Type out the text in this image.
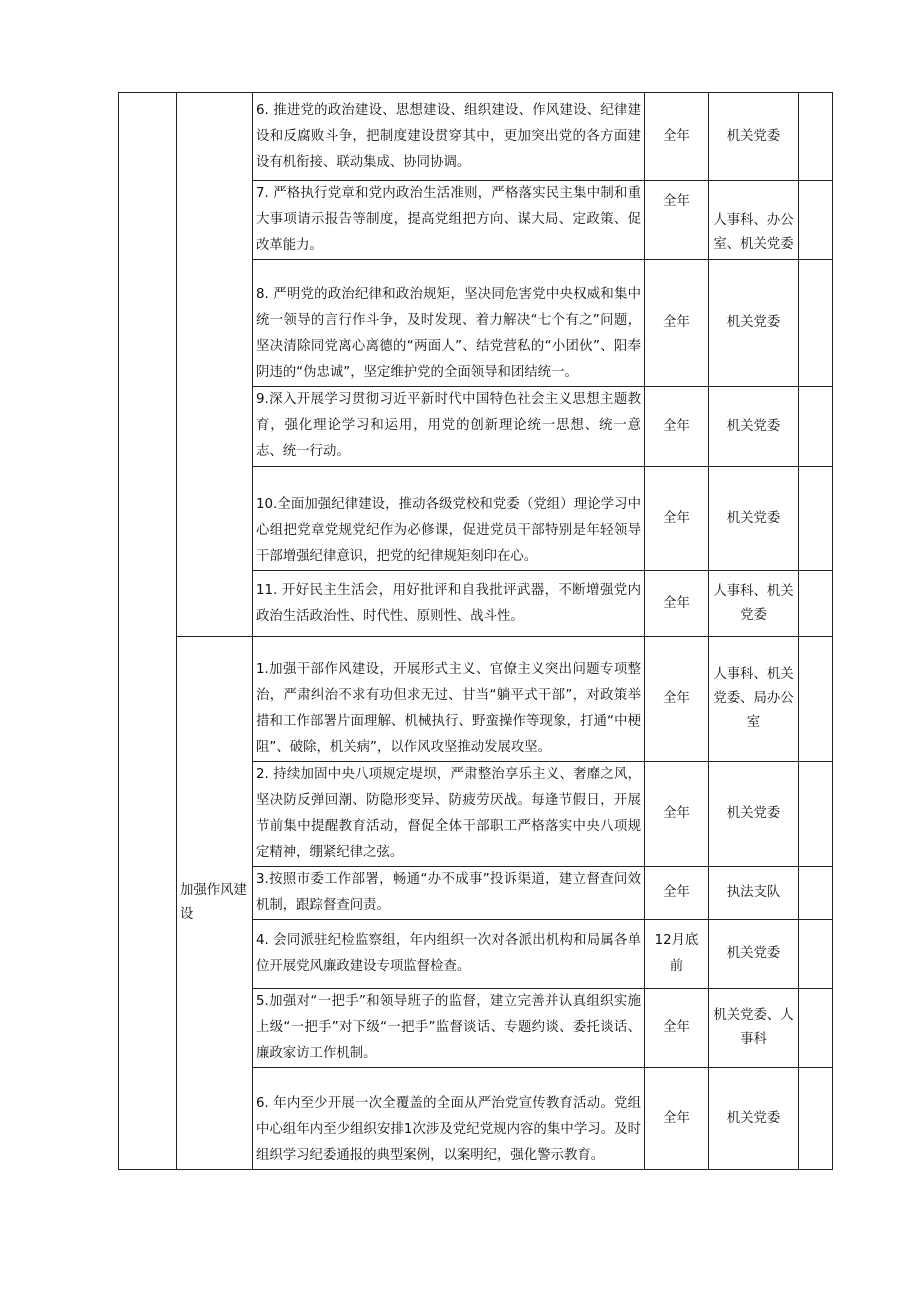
		6. 推进党的政治建设、思想建设、组织建设、作风建设、纪律建设和反腐败斗争，把制度建设贯穿其中，更加突出党的各方面建设有机衔接、联动集成、协同协调。	全年	机关党委	
		7. 严格执行党章和党内政治生活准则，严格落实民主集中制和重大事项请示报告等制度，提高党组把方向、谋大局、定政策、促改革能力。	全年	人事科、办公室、机关党委	
		8. 严明党的政治纪律和政治规矩，坚决同危害党中央权威和集中统一领导的言行作斗争，及时发现、着力解决“七个有之”问题，坚决清除同党离心离德的“两面人”、结党营私的“小团伙”、阳奉阴违的“伪忠诚”，坚定维护党的全面领导和团结统一。	全年	机关党委	
		9.深入开展学习贯彻习近平新时代中国特色社会主义思想主题教育，强化理论学习和运用，用党的创新理论统一思想、统一意志、统一行动。	全年	机关党委	
		10.全面加强纪律建设，推动各级党校和党委（党组）理论学习中心组把党章党规党纪作为必修课，促进党员干部特别是年轻领导干部增强纪律意识，把党的纪律规矩刻印在心。	全年	机关党委	
		11. 开好民主生活会，用好批评和自我批评武器，不断增强党内政治生活政治性、时代性、原则性、战斗性。	全年	人事科、机关党委	
	加强作风建设	1.加强干部作风建设，开展形式主义、官僚主义突出问题专项整治，严肃纠治不求有功但求无过、甘当“躺平式干部”，对政策举措和工作部署片面理解、机械执行、野蛮操作等现象，打通“中梗阻”、破除，机关病”，以作风攻坚推动发展攻坚。	全年	人事科、机关党委、局办公室	
		2. 持续加固中央八项规定堤坝，严肃整治享乐主义、奢靡之风，坚决防反弹回潮、防隐形变异、防疲劳厌战。每逢节假日，开展节前集中提醒教育活动，督促全体干部职工严格落实中央八项规定精神，绷紧纪律之弦。	全年	机关党委	
		3.按照市委工作部署，畅通“办不成事”投诉渠道，建立督查问效机制，跟踪督查问责。	全年	执法支队	
		4. 会同派驻纪检监察组，年内组织一次对各派出机构和局属各单位开展党风廉政建设专项监督检查。	12月底前	机关党委	
		5.加强对“一把手”和领导班子的监督，建立完善并认真组织实施上级“一把手”对下级“一把手”监督谈话、专题约谈、委托谈话、廉政家访工作机制。	全年	机关党委、人事科	
		6. 年内至少开展一次全覆盖的全面从严治党宣传教育活动。党组中心组年内至少组织安排1次涉及党纪党规内容的集中学习。及时组织学习纪委通报的典型案例，以案明纪，强化警示教育。	全年	机关党委	
